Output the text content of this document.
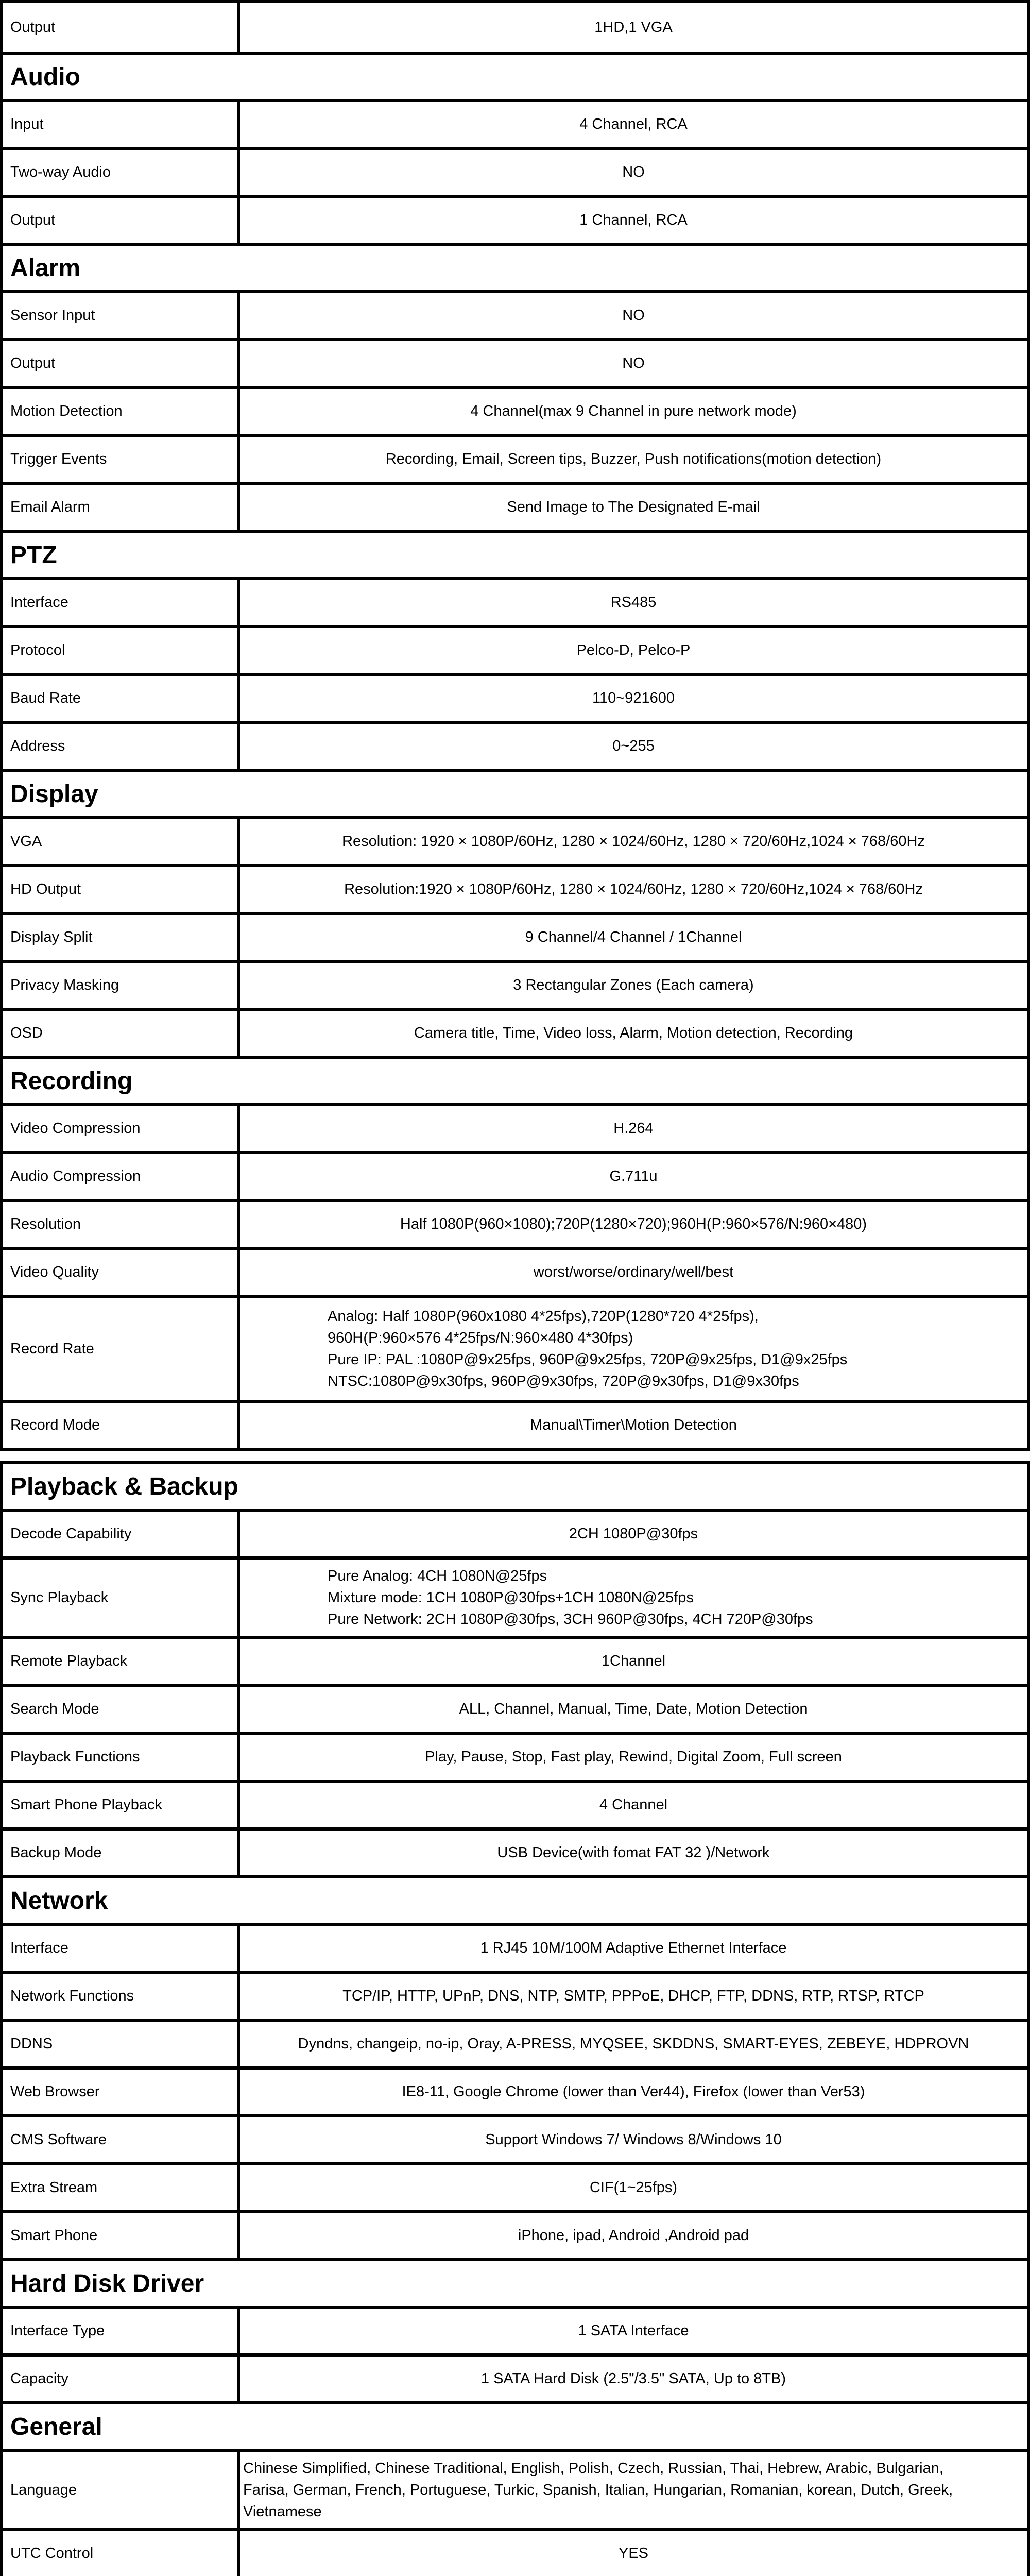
Output	1HD,1 VGA
Audio	
Input	4 Channel, RCA

Two-way Audio	NO

Output	1 Channel, RCA

Alarm	
Sensor Input	NO

Output	NO

Motion Detection	4 Channel(max 9 Channel in pure network mode)

Trigger Events	Recording, Email, Screen tips, Buzzer, Push notifications(motion detection)

Email Alarm	Send Image to The Designated E-mail

PTZ	
Interface	RS485

Protocol	Pelco-D, Pelco-P

Baud Rate	110~921600

Address	0~255

Display	
VGA	Resolution: 1920 × 1080P/60Hz, 1280 × 1024/60Hz, 1280 × 720/60Hz,1024 × 768/60Hz

HD Output	Resolution:1920 × 1080P/60Hz, 1280 × 1024/60Hz, 1280 × 720/60Hz,1024 × 768/60Hz

Display Split	9 Channel/4 Channel / 1Channel

Privacy Masking	3 Rectangular Zones (Each camera)

OSD	Camera title, Time, Video loss, Alarm, Motion detection, Recording

Recording	
Video Compression	H.264

Audio Compression	G.711u

Resolution	Half 1080P(960×1080);720P(1280×720);960H(P:960×576/N:960×480)

Video Quality	worst/worse/ordinary/well/best

Record Rate	Analog: Half 1080P(960x1080 4*25fps),720P(1280*720 4*25fps),
960H(P:960×576 4*25fps/N:960×480 4*30fps)
Pure IP: PAL :1080P@9x25fps, 960P@9x25fps, 720P@9x25fps, D1@9x25fps
NTSC:1080P@9x30fps, 960P@9x30fps, 720P@9x30fps, D1@9x30fps

Record Mode	Manual\Timer\Motion Detection
Playback & Backup	
Decode Capability	2CH 1080P@30fps

Sync Playback	Pure Analog: 4CH 1080N@25fps
Mixture mode: 1CH 1080P@30fps+1CH 1080N@25fps
Pure Network: 2CH 1080P@30fps, 3CH 960P@30fps, 4CH 720P@30fps

Remote Playback	1Channel

Search Mode	ALL, Channel, Manual, Time, Date, Motion Detection

Playback Functions	Play, Pause, Stop, Fast play, Rewind, Digital Zoom, Full screen

Smart Phone Playback	4 Channel

Backup Mode	USB Device(with fomat FAT 32 )/Network

Network	
Interface	1 RJ45 10M/100M Adaptive Ethernet Interface

Network Functions	TCP/IP, HTTP, UPnP, DNS, NTP, SMTP, PPPoE, DHCP, FTP, DDNS, RTP, RTSP, RTCP

DDNS	Dyndns, changeip, no-ip, Oray, A-PRESS, MYQSEE, SKDDNS, SMART-EYES, ZEBEYE, HDPROVN

Web Browser	IE8-11, Google Chrome (lower than Ver44), Firefox (lower than Ver53)

CMS Software	Support Windows 7/ Windows 8/Windows 10

Extra Stream	CIF(1~25fps)

Smart Phone	iPhone, ipad, Android ,Android pad

Hard Disk Driver	
Interface Type	1 SATA Interface

Capacity	1 SATA Hard Disk (2.5"/3.5" SATA, Up to 8TB)

General	
Language	Chinese Simplified, Chinese Traditional, English, Polish, Czech, Russian, Thai, Hebrew, Arabic, Bulgarian,
Farisa, German, French, Portuguese, Turkic, Spanish, Italian, Hungarian, Romanian, korean, Dutch, Greek,
Vietnamese

UTC Control	YES
